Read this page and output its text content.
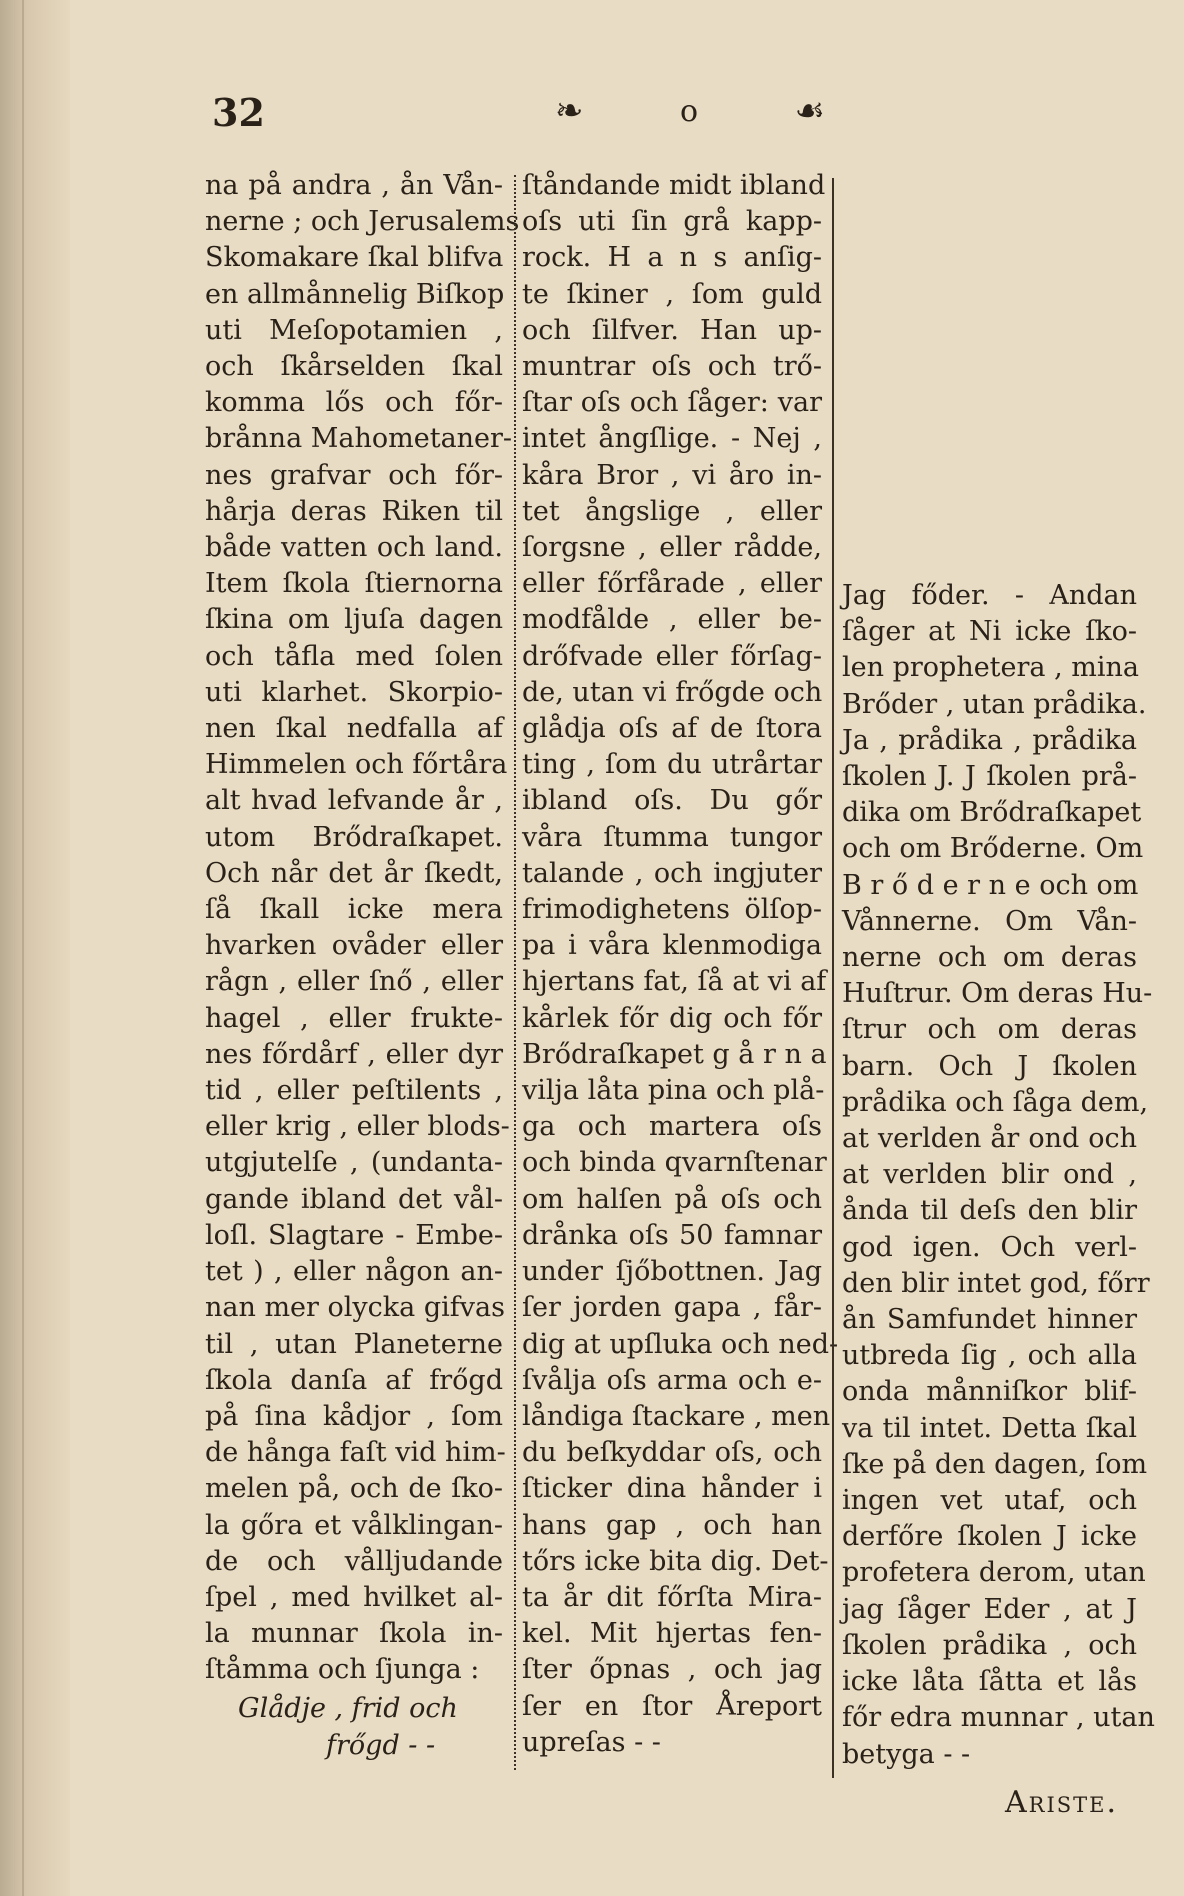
32	❧	o	☙
na på andra , ån Vån-
nerne ; och Jerusalems
Skomakare ſkal blifva
en allmånnelig Biſkop
uti Meſopotamien ,
och ſkårselden ſkal
komma lős och főr-
brånna Mahometaner-
nes grafvar och főr-
hårja deras Riken til
både vatten och land.
Item ſkola ſtiernorna
ſkina om ljuſa dagen
och tåfla med ſolen
uti klarhet. Skorpio-
nen ſkal nedfalla af
Himmelen och főrtåra
alt hvad lefvande år ,
utom Brődraſkapet.
Och når det år ſkedt,
ſå ſkall icke mera
hvarken ovåder eller
rågn , eller ſnő , eller
hagel , eller frukte-
nes főrdårf , eller dyr
tid , eller peſtilents ,
eller krig , eller blods-
utgjutelſe , (undanta-
gande ibland det vål-
loſl. Slagtare - Embe-
tet ) , eller någon an-
nan mer olycka gifvas
til , utan Planeterne
ſkola danſa af frőgd
på ſina kådjor , ſom
de hånga faſt vid him-
melen på, och de ſko-
la gőra et vålklingan-
de och vålljudande
ſpel , med hvilket al-
la munnar ſkola in-
ſtåmma och ſjunga :
ſtåndande midt ibland
oſs uti ſin grå kapp-
rock. H a n s anſig-
te ſkiner , ſom guld
och ſilfver. Han up-
muntrar oſs och trő-
ſtar oſs och ſåger: var
intet ångſlige. - Nej ,
kåra Bror , vi åro in-
tet ångslige , eller
ſorgsne , eller rådde,
eller főrfårade , eller
modfålde , eller be-
drőfvade eller főrſag-
de, utan vi frőgde och
glådja oſs af de ſtora
ting , ſom du utrårtar
ibland oſs. Du gőr
våra ſtumma tungor
talande , och ingjuter
frimodighetens ölſop-
pa i våra klenmodiga
hjertans fat, ſå at vi af
kårlek főr dig och főr
Brődraſkapet g å r n a
vilja låta pina och plå-
ga och martera oſs
och binda qvarnſtenar
om halſen på oſs och
drånka oſs 50 famnar
under ſjőbottnen. Jag
ſer jorden gapa , får-
dig at upſluka och ned-
ſvålja oſs arma och e-
låndiga ſtackare , men
du beſkyddar oſs, och
ſticker dina hånder i
hans gap , och han
tőrs icke bita dig. Det-
ta år dit főrſta Mira-
kel. Mit hjertas fen-
ſter őpnas , och jag
ſer en ſtor Åreport
upreſas - -
Jag főder. - Andan
ſåger at Ni icke ſko-
len propheterа , mina
Brőder , utan prådika.
Ja , prådika , prådika
ſkolen J. J ſkolen prå-
dika om Brődraſkapet
och om Brőderne. Om
B r ő d e r n e och om
Vånnerne. Om Vån-
nerne och om deras
Huſtrur. Om deras Hu-
ſtrur och om deras
barn. Och J ſkolen
prådika och ſåga dem,
at verlden år ond och
at verlden blir ond ,
ånda til deſs den blir
god igen. Och verl-
den blir intet god, főrr
ån Samfundet hinner
utbreda ſig , och alla
onda månniſkor blif-
va til intet. Detta ſkal
ſke på den dagen, ſom
ingen vet utaf, och
derfőre ſkolen J icke
profetera derom, utan
jag ſåger Eder , at J
ſkolen prådika , och
icke låta ſåtta et lås
főr edra munnar , utan
betyga - -
Glådje , frid och
frőgd - -
Ariste.
